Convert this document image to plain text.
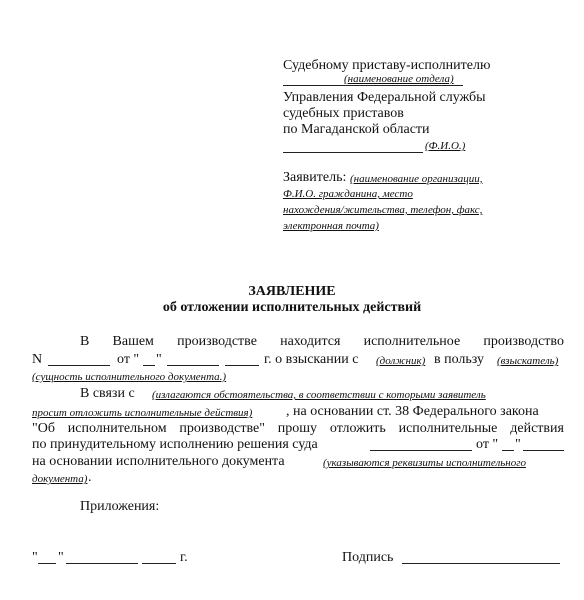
Судебному приставу-исполнителю
(наименование отдела)
Управления Федеральной службы
судебных приставов
по Магаданской области
(Ф.И.О.)
Заявитель: (наименование организации,
Ф.И.О. гражданина, место
нахождения/жительства, телефон, факс,
электронная почта)
ЗАЯВЛЕНИЕ
об отложении исполнительных действий
В Вашем производстве находится исполнительное производство
N	от " "	г. о взыскании с (должник) в пользу (взыскатель)
(сущность исполнительного документа.)
В связи с (излагаются обстоятельства, в соответствии с которыми заявитель
просит отложить исполнительные действия) , на основании ст. 38 Федерального закона
"Об исполнительном производстве" прошу отложить исполнительные действия
по принудительному исполнению решения суда	от " "
на основании исполнительного документа	(указываются реквизиты исполнительного
документа) .
Приложения:
" "	г.	Подпись
